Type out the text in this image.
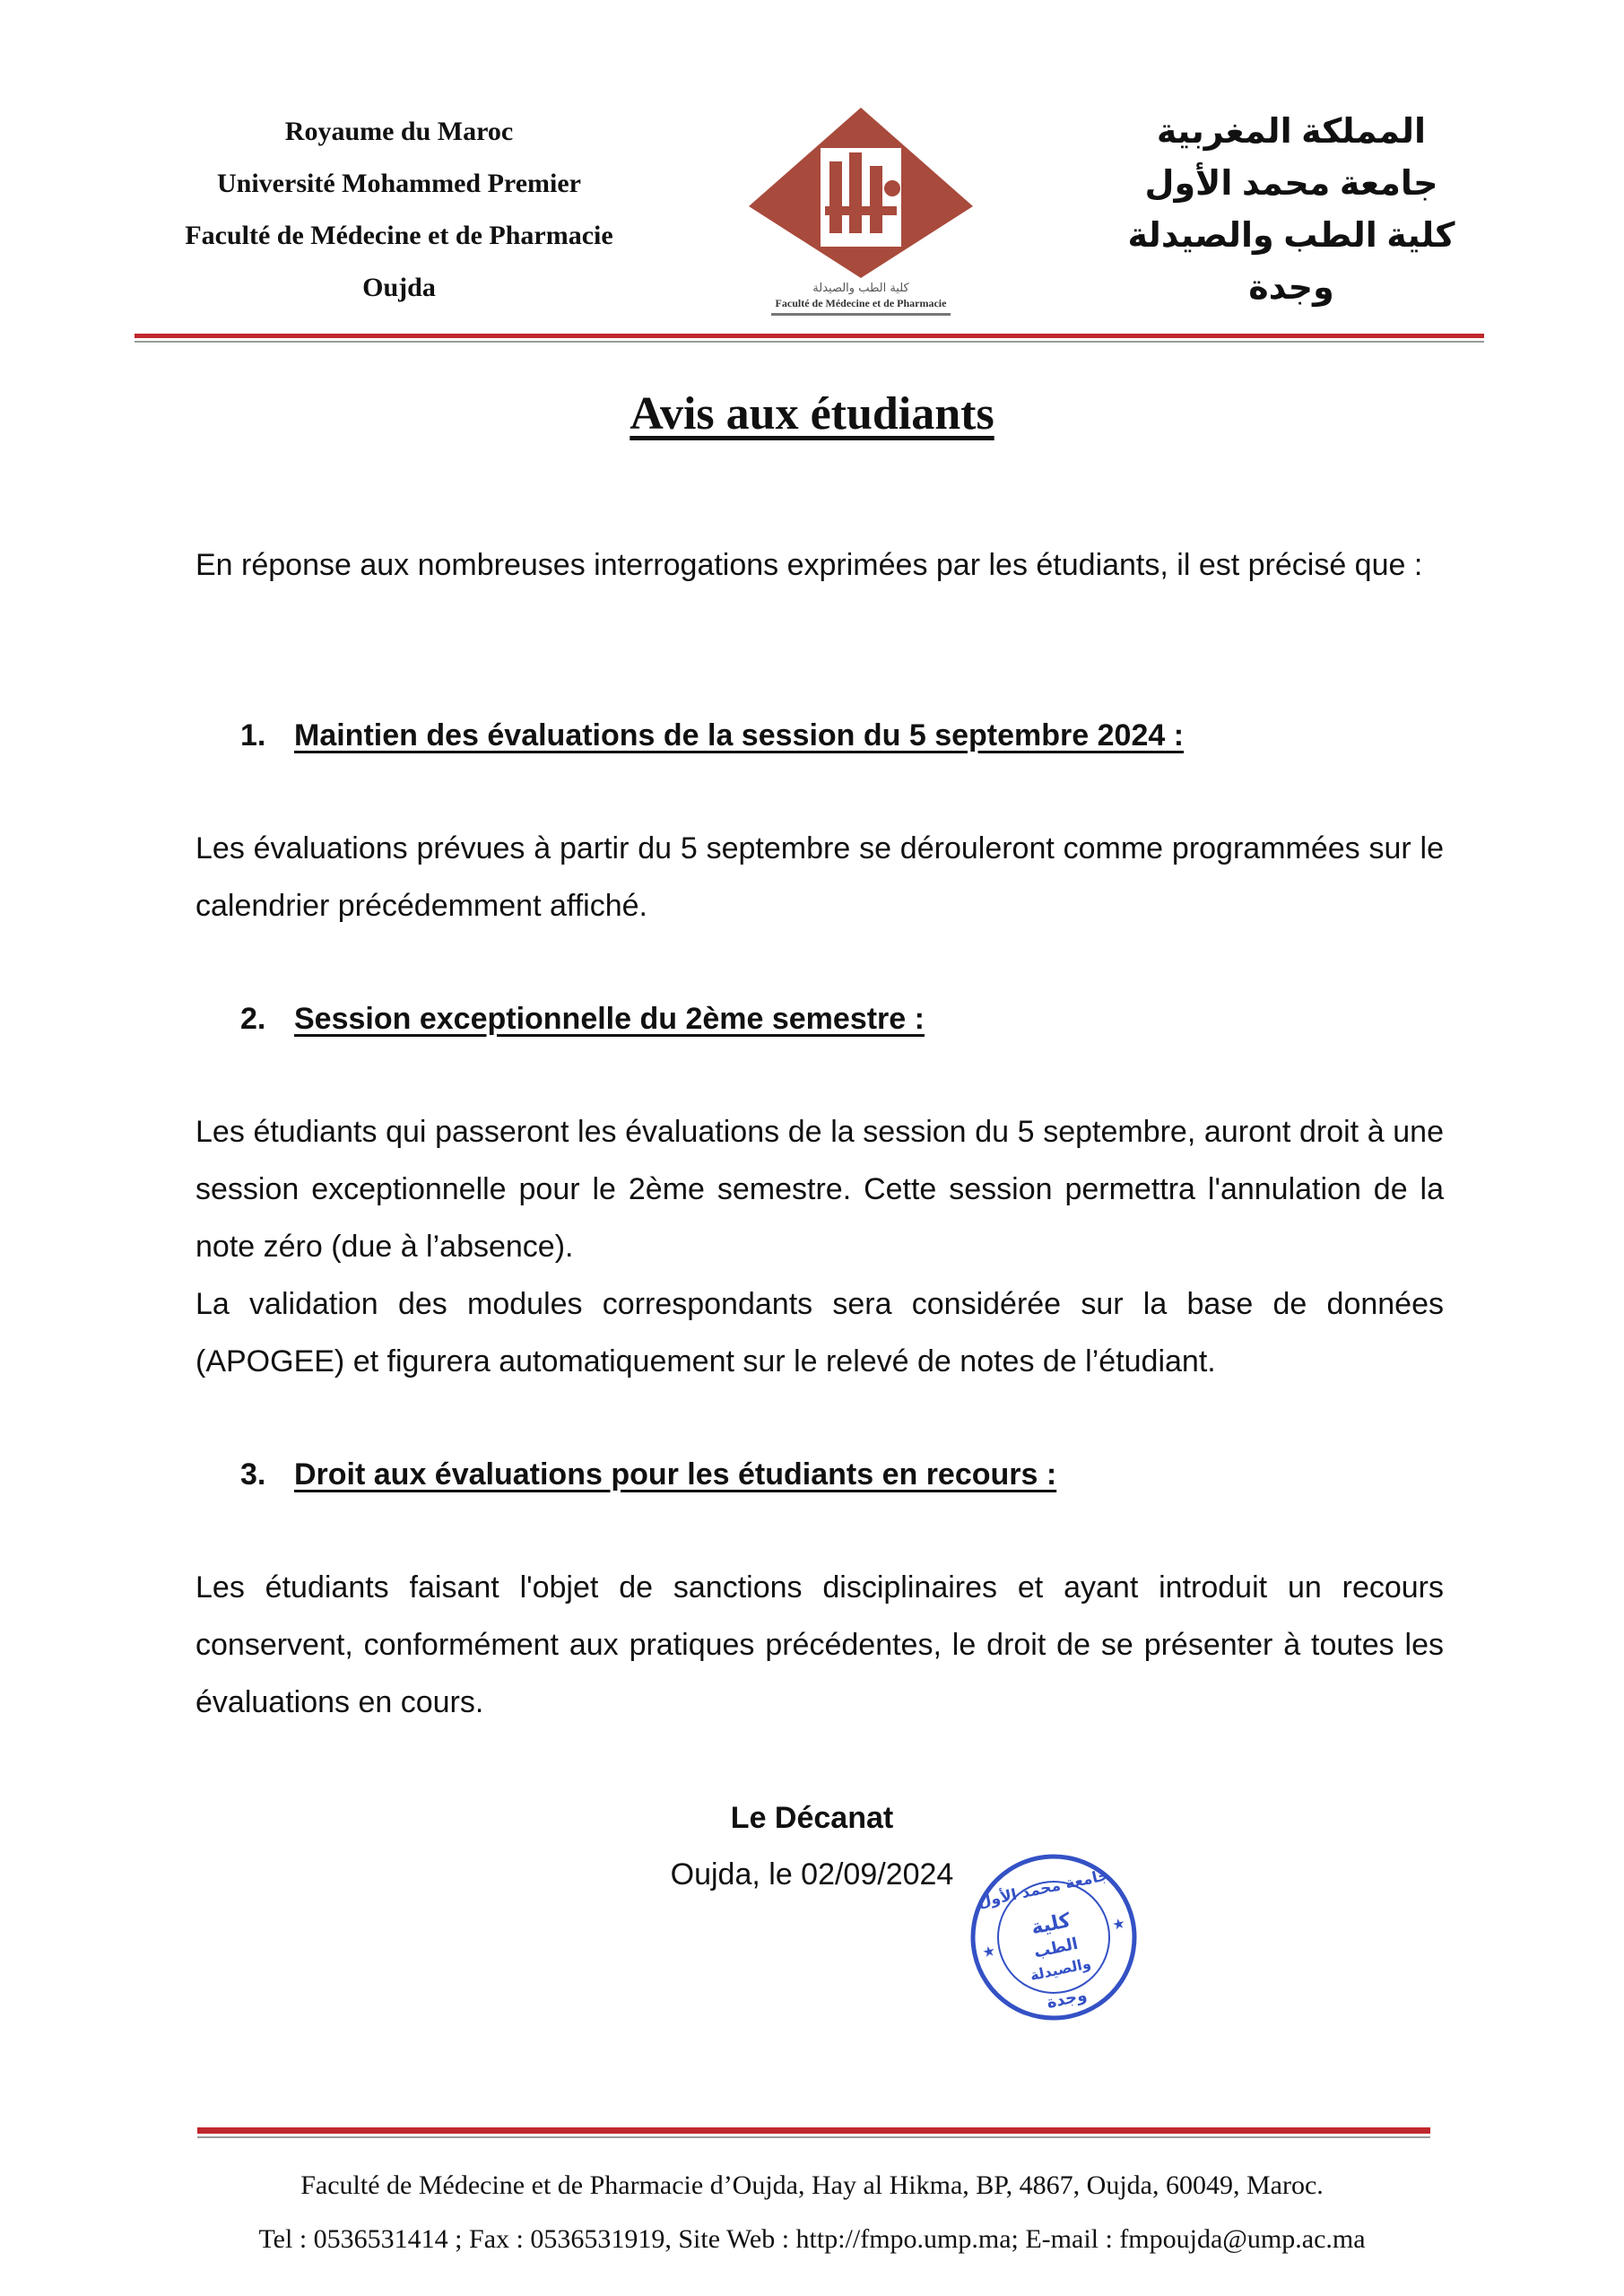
Royaume du Maroc
Université Mohammed Premier
Faculté de Médecine et de Pharmacie
Oujda	كلية الطب والصيدلة
Faculté de Médecine et de Pharmacie
المملكة المغربية
جامعة محمد الأول
كلية الطب والصيدلة
وجدة
Avis aux étudiants
En réponse aux nombreuses interrogations exprimées par les étudiants, il est précisé que :
1. Maintien des évaluations de la session du 5 septembre 2024 :
Les évaluations prévues à partir du 5 septembre se dérouleront comme programmées sur le calendrier précédemment affiché.
2. Session exceptionnelle du 2ème semestre :
Les étudiants qui passeront les évaluations de la session du 5 septembre, auront droit à une session exceptionnelle pour le 2ème semestre. Cette session permettra l'annulation de la note zéro (due à l’absence).
La validation des modules correspondants sera considérée sur la base de données (APOGEE) et figurera automatiquement sur le relevé de notes de l’étudiant.
3. Droit aux évaluations pour les étudiants en recours :
Les étudiants faisant l'objet de sanctions disciplinaires et ayant introduit un recours conservent, conformément aux pratiques précédentes, le droit de se présenter à toutes les évaluations en cours.
Le Décanat
Oujda, le 02/09/2024	جامعة محمد الأول
كلية
الطب
والصيدلة
وجدة
★
★
Faculté de Médecine et de Pharmacie d’Oujda, Hay al Hikma, BP, 4867, Oujda, 60049, Maroc.
Tel : 0536531414 ; Fax : 0536531919, Site Web : http://fmpo.ump.ma; E-mail : fmpoujda@ump.ac.ma
